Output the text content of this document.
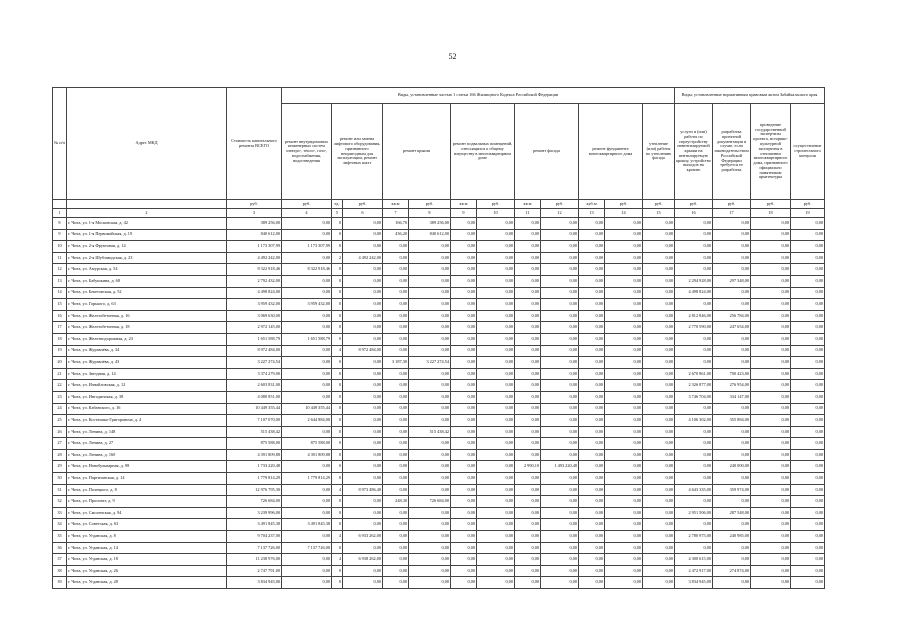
52
№ п/п	Адрес МКД	Стоимость капитального ремонта ВСЕГО	Виды, установленные частью 1 статьи 166 Жилищного Кодекса Российской Федерации												Виды, установленные нормативным правовым актом Забайкальского края			
			ремонт внутридомовых инженерных систем электро-, тепло-, газо-, водоснабжения, водоотведения	ремонт или замена лифтового оборудования, признанного непригодным для эксплуатации, ремонт лифтовых шахт		ремонт крыши		ремонт подвальных помещений, относящихся к общему имуществу в многоквартирном доме		ремонт фасада		ремонт фундамента многоквартирного дома		утепление (или) работы по утеплению фасада	услуги и (или) работы по переустройству невентилируемой крыши на вентилируемую крышу, устройство выходов на кровлю	разработка проектной документации в случае, если законодательством Российской Федерации требуется ее разработка	проведение государственной экспертизы проекта, историко-культурной экспертизы в отношении многоквартирного дома, признанного официально памятником архитектуры	осуществление строительного контроля
		руб.	руб.	ед.	руб.	кв.м	руб.	кв.м	руб.	кв.м	руб.	куб.м	руб.	руб.	руб.	руб.	руб.	руб.
1	2	3	4	5	6	7	8	9	10	11	12	13	14	15	16	17	18	19
8	г. Чита, ул. 1-я Московская, д. 42	389 256,00	0,00	0	0,00	166,70	389 256,00	0,00	0,00	0,00	0,00	0,00	0,00	0,00	0,00	0,00	0,00	0,00
9	г. Чита, ул. 1-я Первомайская, д. 19	840 612,00	0,00	0	0,00	436,20	840 612,00	0,00	0,00	0,00	0,00	0,00	0,00	0,00	0,00	0,00	0,00	0,00
10	г. Чита, ул. 2-я Фруктовая, д. 14	1 173 307,99	1 173 307,99	0	0,00	0,00	0,00	0,00	0,00	0,00	0,00	0,00	0,00	0,00	0,00	0,00	0,00	0,00
11	г. Чита, ул. 2-я Шубзаводская, д. 23	4 492 242,00	0,00	2	4 492 242,00	0,00	0,00	0,00	0,00	0,00	0,00	0,00	0,00	0,00	0,00	0,00	0,00	0,00
12	г. Чита, ул. Амурская, д. 54	8 322 918,46	8 322 918,46	0	0,00	0,00	0,00	0,00	0,00	0,00	0,00	0,00	0,00	0,00	0,00	0,00	0,00	0,00
13	г. Чита, ул. Бабушкина, д. 68	2 792 432,00	0,00	0	0,00	0,00	0,00	0,00	0,00	0,00	0,00	0,00	0,00	0,00	2 294 928,00	297 348,00	0,00	0,00
14	г. Чита, ул. Бекетовская, д. 52	4 498 824,00	0,00	0	0,00	0,00	0,00	0,00	0,00	0,00	0,00	0,00	0,00	0,00	4 498 824,00	0,00	0,00	0,00
15	г. Чита, ул. Горького, д. 63	3 959 432,00	3 959 432,00	0	0,00	0,00	0,00	0,00	0,00	0,00	0,00	0,00	0,00	0,00	0,00	0,00	0,00	0,00
16	г. Чита, ул. Железобетонная, д. 16	3 069 630,00	0,00	0	0,00	0,00	0,00	0,00	0,00	0,00	0,00	0,00	0,00	0,00	2 812 846,00	256 784,00	0,00	0,00
17	г. Чита, ул. Железобетонная, д. 18	2 972 145,00	0,00	0	0,00	0,00	0,00	0,00	0,00	0,00	0,00	0,00	0,00	0,00	2 770 590,00	247 654,00	0,00	0,00
18	г. Чита, ул. Железнодорожная, д. 23	1 651 588,79	1 651 588,79	0	0,00	0,00	0,00	0,00	0,00	0,00	0,00	0,00	0,00	0,00	0,00	0,00	0,00	0,00
19	г. Чита, ул. Журавлёва, д. 34	8 972 484,00	0,00	4	8 972 484,00	0,00	0,00	0,00	0,00	0,00	0,00	0,00	0,00	0,00	0,00	0,00	0,00	0,00
20	г. Чита, ул. Журавлёва, д. 43	3 227 274,54	0,00	0	0,00	3 187,30	3 227 274,54	0,00	0,00	0,00	0,00	0,00	0,00	0,00	0,00	0,00	0,00	0,00
21	г. Чита, ул. Звездная, д. 14	3 374 279,00	0,00	0	0,00	0,00	0,00	0,00	0,00	0,00	0,00	0,00	0,00	0,00	2 670 861,00	700 423,00	0,00	0,00
22	г. Чита, ул. Измайловская, д. 12	2 603 831,00	0,00	0	0,00	0,00	0,00	0,00	0,00	0,00	0,00	0,00	0,00	0,00	2 326 877,00	276 954,00	0,00	0,00
23	г. Чита, ул. Ингодинская, д. 38	4 080 851,00	0,00	0	0,00	0,00	0,00	0,00	0,00	0,00	0,00	0,00	0,00	0,00	3 746 704,00	334 147,00	0,00	0,00
24	г. Чита, ул. Кабанского, д. 16	10 449 355,44	10 449 355,44	0	0,00	0,00	0,00	0,00	0,00	0,00	0,00	0,00	0,00	0,00	0,00	0,00	0,00	0,00
25	г. Чита, ул. Костюшко-Григоровича, д. 4	7 107 070,00	2 644 884,00	0	0,00	0,00	0,00	0,00	0,00	0,00	0,00	0,00	0,00	0,00	4 106 302,00	355 884,00	0,00	0,00
26	г. Чита, ул. Ленина, д. 148	515 438,42	0,00	0	0,00	0,00	515 438,42	0,00	0,00	0,00	0,00	0,00	0,00	0,00	0,00	0,00	0,00	0,00
27	г. Чита, ул. Ленина, д. 27	875 588,00	875 588,00	0	0,00	0,00	0,00	0,00	0,00	0,00	0,00	0,00	0,00	0,00	0,00	0,00	0,00	0,00
28	г. Чита, ул. Ленина, д. 160	4 391 809,88	4 391 809,88	0	0,00	0,00	0,00	0,00	0,00	0,00	0,00	0,00	0,00	0,00	0,00	0,00	0,00	0,00
29	г. Чита, ул. Новобульварная, д. 98	1 733 220,48	0,00	0	0,00	0,00	0,00	0,00	0,00	2 990,10	1 493 220,48	0,00	0,00	0,00	0,00	240 000,00	0,00	0,00
30	г. Чита, ул. Партизанская, д. 14	1 779 814,29	1 779 814,29	0	0,00	0,00	0,00	0,00	0,00	0,00	0,00	0,00	0,00	0,00	0,00	0,00	0,00	0,00
31	г. Чита, ул. Полецкого, д. 8	12 976 795,30	0,00	4	8 973 486,40	0,00	0,00	0,00	0,00	0,00	0,00	0,00	0,00	0,00	4 643 335,00	359 974,00	0,00	0,00
32	г. Чита, ул. Проспект, д. 9	726 684,00	0,00	0	0,00	248,30	726 684,00	0,00	0,00	0,00	0,00	0,00	0,00	0,00	0,00	0,00	0,00	0,00
33	г. Чита, ул. Смоленская, д. 94	3 239 996,00	0,00	0	0,00	0,00	0,00	0,00	0,00	0,00	0,00	0,00	0,00	0,00	2 951 506,00	287 548,00	0,00	0,00
34	г. Чита, ул. Советская, д. 63	3 491 845,38	3 491 845,38	0	0,00	0,00	0,00	0,00	0,00	0,00	0,00	0,00	0,00	0,00	0,00	0,00	0,00	0,00
35	г. Чита, ул. Угданская, д. 8	9 704 237,00	0,00	4	6 933 262,00	0,00	0,00	0,00	0,00	0,00	0,00	0,00	0,00	0,00	2 780 975,00	240 985,00	0,00	0,00
36	г. Чита, ул. Угданская, д. 14	7 137 726,00	7 137 726,00	0	0,00	0,00	0,00	0,00	0,00	0,00	0,00	0,00	0,00	0,00	0,00	0,00	0,00	0,00
37	г. Чита, ул. Угданская, д. 18	11 238 976,00	0,00	4	6 938 262,00	0,00	0,00	0,00	0,00	0,00	0,00	0,00	0,00	0,00	4 300 615,00	0,00	0,00	0,00
38	г. Чита, ул. Угданская, д. 26	2 747 791,00	0,00	0	0,00	0,00	0,00	0,00	0,00	0,00	0,00	0,00	0,00	0,00	2 472 917,00	274 874,00	0,00	0,00
39	г. Чита, ул. Угданская, д. 28	3 834 945,00	0,00	0	0,00	0,00	0,00	0,00	0,00	0,00	0,00	0,00	0,00	0,00	3 834 945,00	0,00	0,00	0,00
